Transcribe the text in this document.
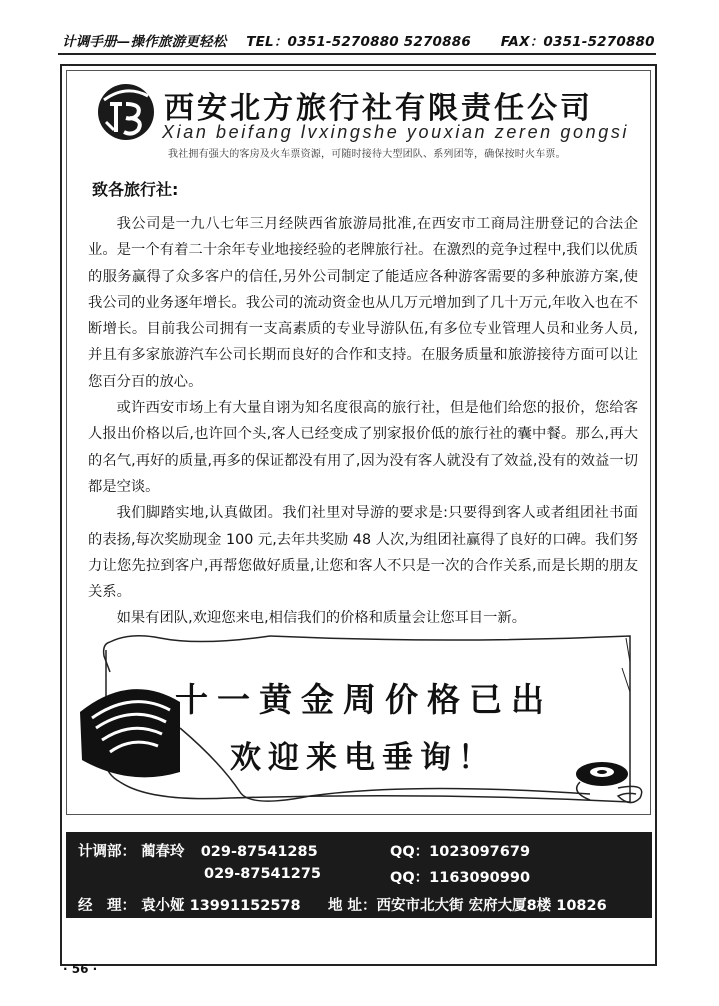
计调手册—操作旅游更轻松 TEL：0351-5270880 5270886 FAX：0351-5270880
西安北方旅行社有限责任公司
Xian beifang lvxingshe youxian zeren gongsi
我社拥有强大的客房及火车票资源，可随时接待大型团队、系列团等，确保按时火车票。
致各旅行社:

我公司是一九八七年三月经陕西省旅游局批准,在西安市工商局注册登记的合法企业。是一个有着二十余年专业地接经验的老牌旅行社。在激烈的竞争过程中,我们以优质的服务赢得了众多客户的信任,另外公司制定了能适应各种游客需要的多种旅游方案,使我公司的业务逐年增长。我公司的流动资金也从几万元增加到了几十万元,年收入也在不断增长。目前我公司拥有一支高素质的专业导游队伍,有多位专业管理人员和业务人员,并且有多家旅游汽车公司长期而良好的合作和支持。在服务质量和旅游接待方面可以让您百分百的放心。

或许西安市场上有大量自诩为知名度很高的旅行社，但是他们给您的报价，您给客人报出价格以后,也许回个头,客人已经变成了别家报价低的旅行社的囊中餐。那么,再大的名气,再好的质量,再多的保证都没有用了,因为没有客人就没有了效益,没有的效益一切都是空谈。

我们脚踏实地,认真做团。我们社里对导游的要求是:只要得到客人或者组团社书面的表扬,每次奖励现金 100 元,去年共奖励 48 人次,为组团社赢得了良好的口碑。我们努力让您先拉到客户,再帮您做好质量,让您和客人不只是一次的合作关系,而是长期的朋友关系。

如果有团队,欢迎您来电,相信我们的价格和质量会让您耳目一新。

十一黄金周价格已出
欢迎来电垂询！
计调部： 蔺春玲 029-87541285	QQ：1023097679
029-87541275	QQ：1163090990
经　理： 袁小娅 13991152578 地 址：西安市北大街 宏府大厦8楼 10826
· 56 ·
